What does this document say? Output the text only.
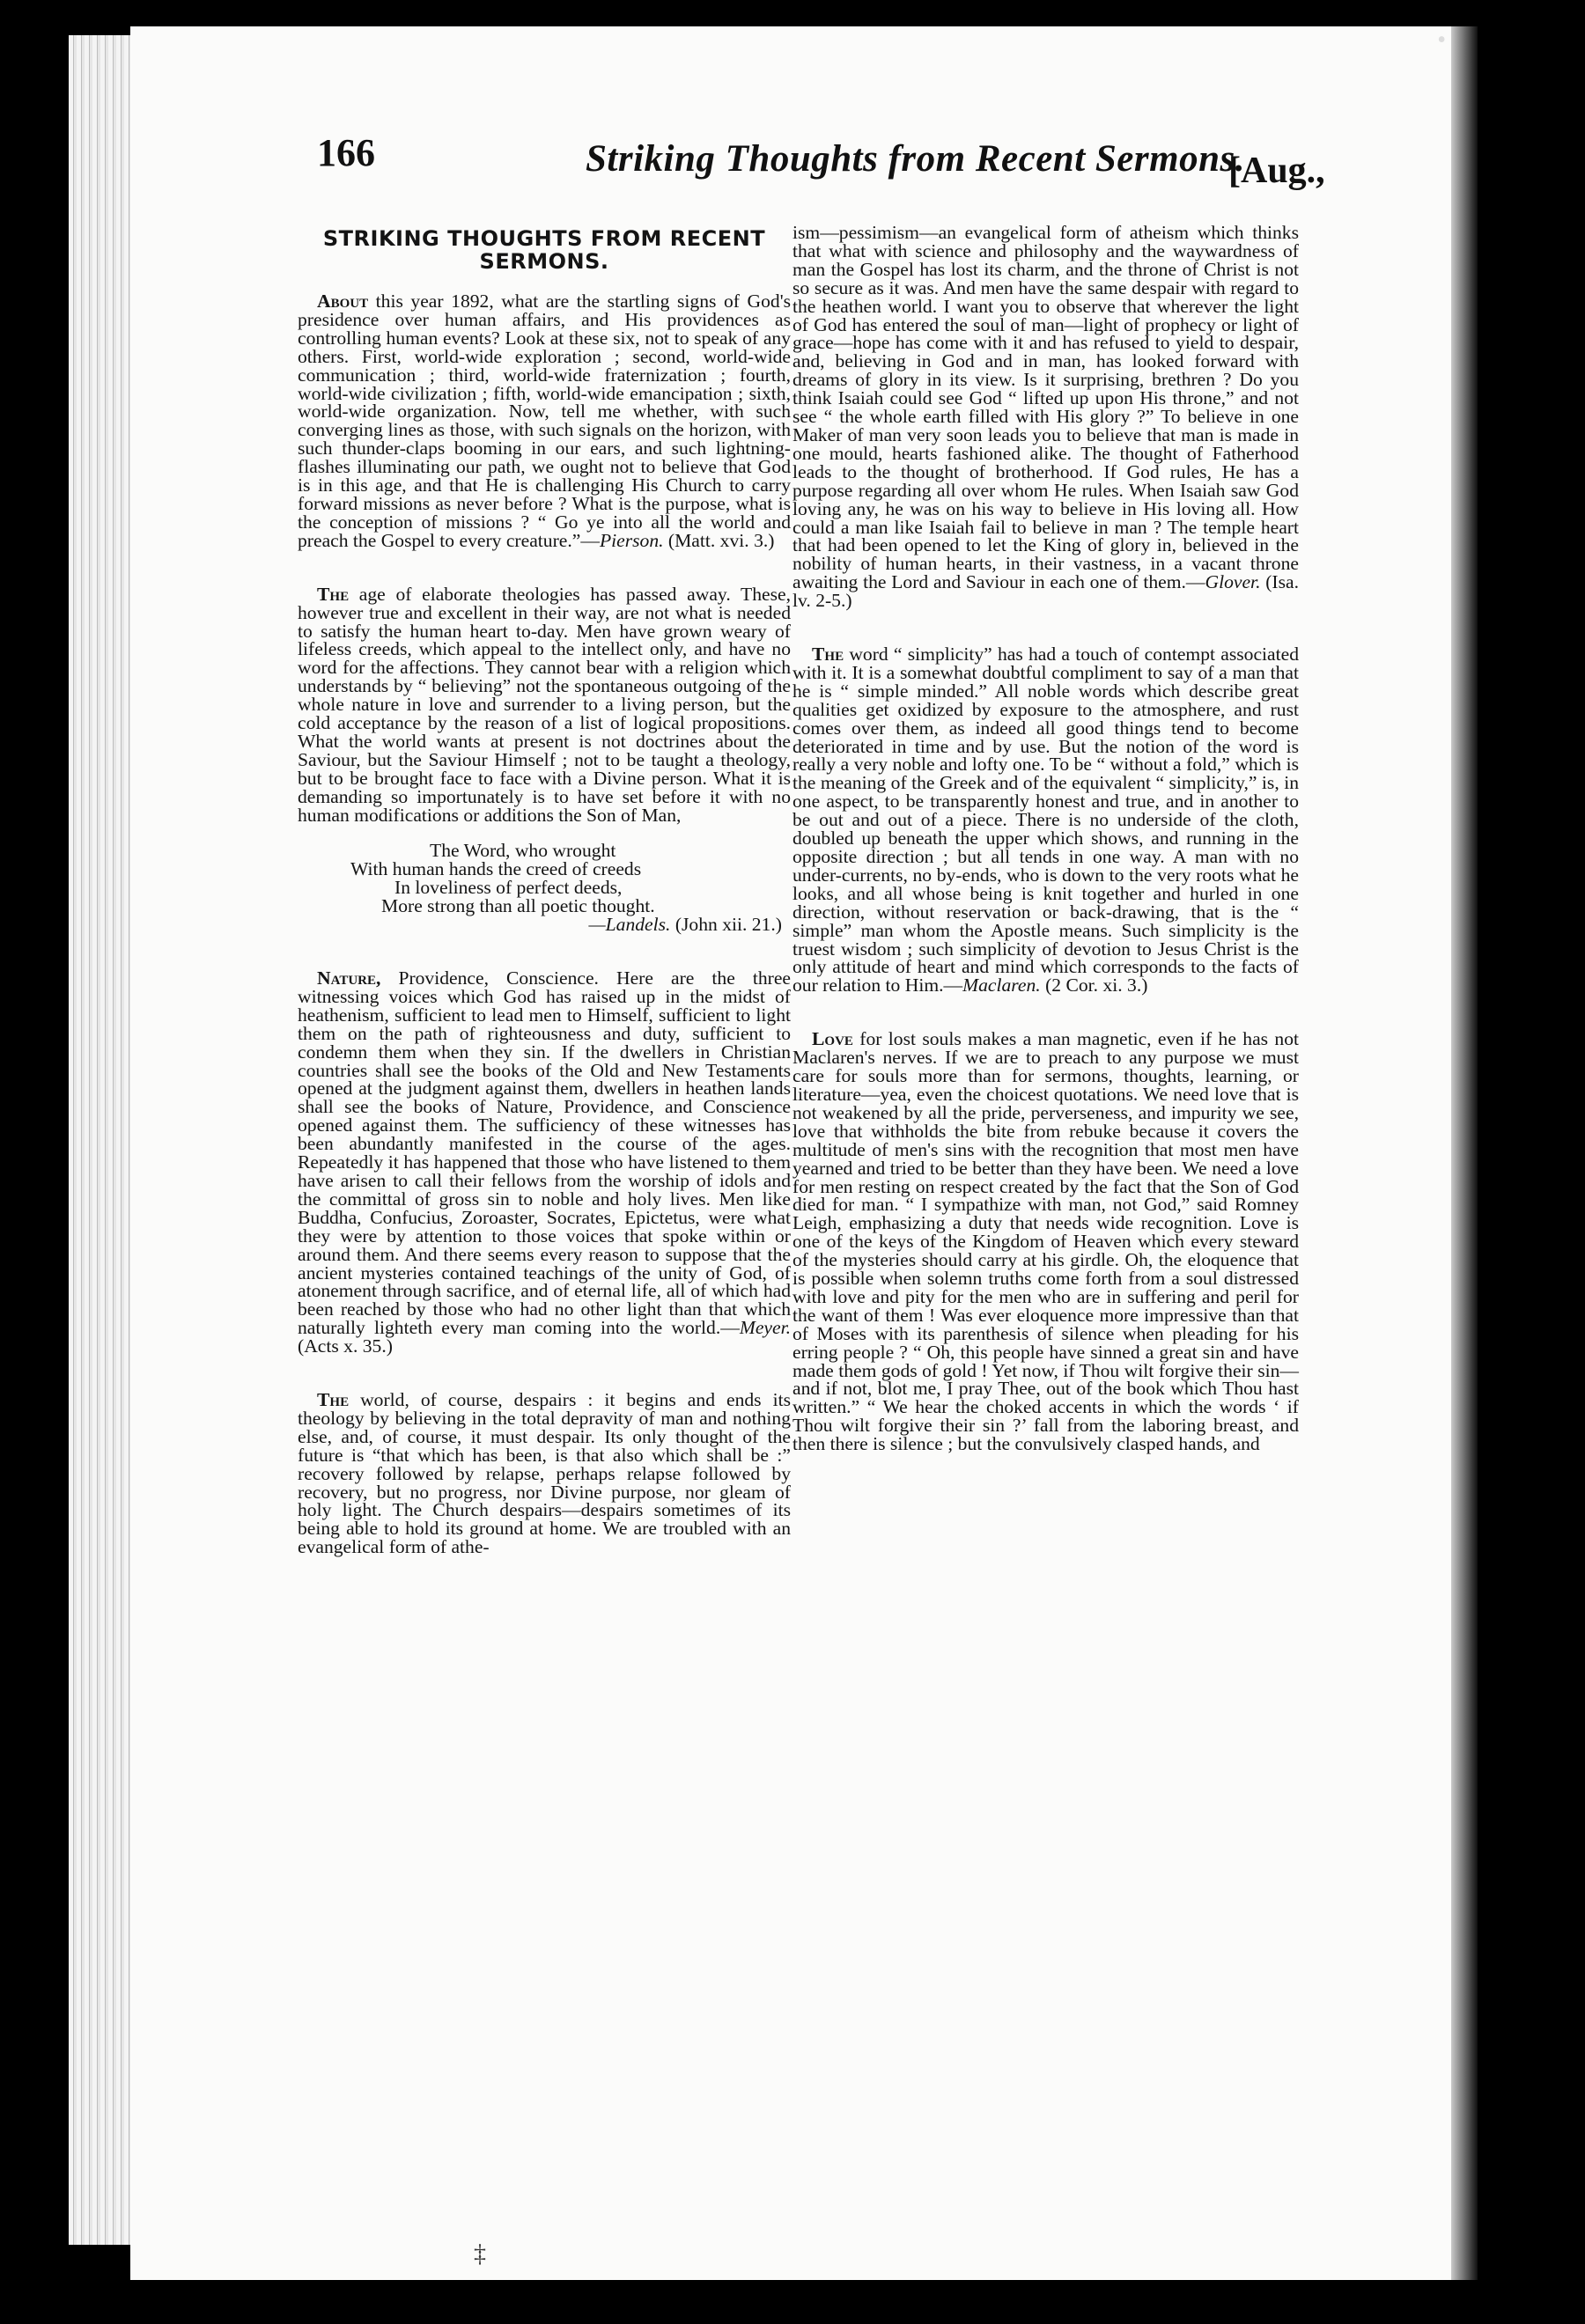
•
166	Striking Thoughts from Recent Sermons.
[Aug.,
STRIKING THOUGHTS FROM RECENT SERMONS.

About this year 1892, what are the startling signs of God's presidence over human affairs, and His providences as controlling human events? Look at these six, not to speak of any others. First, world-wide exploration ; second, world-wide communication ; third, world-wide fraternization ; fourth, world-wide civilization ; fifth, world-wide emancipation ; sixth, world-wide organization. Now, tell me whether, with such converging lines as those, with such signals on the horizon, with such thunder-claps booming in our ears, and such lightning-flashes illuminating our path, we ought not to believe that God is in this age, and that He is challenging His Church to carry forward missions as never before ? What is the purpose, what is the conception of missions ? “ Go ye into all the world and preach the Gospel to every creature.”—Pierson. (Matt. xvi. 3.)

The age of elaborate theologies has passed away. These, however true and excellent in their way, are not what is needed to satisfy the human heart to-day. Men have grown weary of lifeless creeds, which appeal to the intellect only, and have no word for the affections. They cannot bear with a religion which understands by “ believing” not the spontaneous outgoing of the whole nature in love and surrender to a living person, but the cold acceptance by the reason of a list of logical propositions. What the world wants at present is not doctrines about the Saviour, but the Saviour Himself ; not to be taught a theology, but to be brought face to face with a Divine person. What it is demanding so importunately is to have set before it with no human modifications or additions the Son of Man,

The Word, who wrought
With human hands the creed of creeds
In loveliness of perfect deeds,
More strong than all poetic thought.
—Landels. (John xii. 21.)

Nature, Providence, Conscience. Here are the three witnessing voices which God has raised up in the midst of heathenism, sufficient to lead men to Himself, sufficient to light them on the path of righteousness and duty, sufficient to condemn them when they sin. If the dwellers in Christian countries shall see the books of the Old and New Testaments opened at the judgment against them, dwellers in heathen lands shall see the books of Nature, Providence, and Conscience opened against them. The sufficiency of these witnesses has been abundantly manifested in the course of the ages. Repeatedly it has happened that those who have listened to them have arisen to call their fellows from the worship of idols and the committal of gross sin to noble and holy lives. Men like Buddha, Confucius, Zoroaster, Socrates, Epictetus, were what they were by attention to those voices that spoke within or around them. And there seems every reason to suppose that the ancient mysteries contained teachings of the unity of God, of atonement through sacrifice, and of eternal life, all of which had been reached by those who had no other light than that which naturally lighteth every man coming into the world.—Meyer. (Acts x. 35.)

The world, of course, despairs : it begins and ends its theology by believing in the total depravity of man and nothing else, and, of course, it must despair. Its only thought of the future is “that which has been, is that also which shall be :” recovery followed by relapse, perhaps relapse followed by recovery, but no progress, nor Divine purpose, nor gleam of holy light. The Church despairs—despairs sometimes of its being able to hold its ground at home. We are troubled with an evangelical form of athe-

ism—pessimism—an evangelical form of atheism which thinks that what with science and philosophy and the waywardness of man the Gospel has lost its charm, and the throne of Christ is not so secure as it was. And men have the same despair with regard to the heathen world. I want you to observe that wherever the light of God has entered the soul of man—light of prophecy or light of grace—hope has come with it and has refused to yield to despair, and, believing in God and in man, has looked forward with dreams of glory in its view. Is it surprising, brethren ? Do you think Isaiah could see God “ lifted up upon His throne,” and not see “ the whole earth filled with His glory ?” To believe in one Maker of man very soon leads you to believe that man is made in one mould, hearts fashioned alike. The thought of Fatherhood leads to the thought of brotherhood. If God rules, He has a purpose regarding all over whom He rules. When Isaiah saw God loving any, he was on his way to believe in His loving all. How could a man like Isaiah fail to believe in man ? The temple heart that had been opened to let the King of glory in, believed in the nobility of human hearts, in their vastness, in a vacant throne awaiting the Lord and Saviour in each one of them.—Glover. (Isa. lv. 2-5.)

The word “ simplicity” has had a touch of contempt associated with it. It is a somewhat doubtful compliment to say of a man that he is “ simple minded.” All noble words which describe great qualities get oxidized by exposure to the atmosphere, and rust comes over them, as indeed all good things tend to become deteriorated in time and by use. But the notion of the word is really a very noble and lofty one. To be “ without a fold,” which is the meaning of the Greek and of the equivalent “ simplicity,” is, in one aspect, to be transparently honest and true, and in another to be out and out of a piece. There is no underside of the cloth, doubled up beneath the upper which shows, and running in the opposite direction ; but all tends in one way. A man with no under-currents, no by-ends, who is down to the very roots what he looks, and all whose being is knit together and hurled in one direction, without reservation or back-drawing, that is the “ simple” man whom the Apostle means. Such simplicity is the truest wisdom ; such simplicity of devotion to Jesus Christ is the only attitude of heart and mind which corresponds to the facts of our relation to Him.—Maclaren. (2 Cor. xi. 3.)

Love for lost souls makes a man magnetic, even if he has not Maclaren's nerves. If we are to preach to any purpose we must care for souls more than for sermons, thoughts, learning, or literature—yea, even the choicest quotations. We need love that is not weakened by all the pride, perverseness, and impurity we see, love that withholds the bite from rebuke because it covers the multitude of men's sins with the recognition that most men have yearned and tried to be better than they have been. We need a love for men resting on respect created by the fact that the Son of God died for man. “ I sympathize with man, not God,” said Romney Leigh, emphasizing a duty that needs wide recognition. Love is one of the keys of the Kingdom of Heaven which every steward of the mysteries should carry at his girdle. Oh, the eloquence that is possible when solemn truths come forth from a soul distressed with love and pity for the men who are in suffering and peril for the want of them ! Was ever eloquence more impressive than that of Moses with its parenthesis of silence when pleading for his erring people ? “ Oh, this people have sinned a great sin and have made them gods of gold ! Yet now, if Thou wilt forgive their sin—and if not, blot me, I pray Thee, out of the book which Thou hast written.” “ We hear the choked accents in which the words ‘ if Thou wilt forgive their sin ?’ fall from the laboring breast, and then there is silence ; but the convulsively clasped hands, and

‡
